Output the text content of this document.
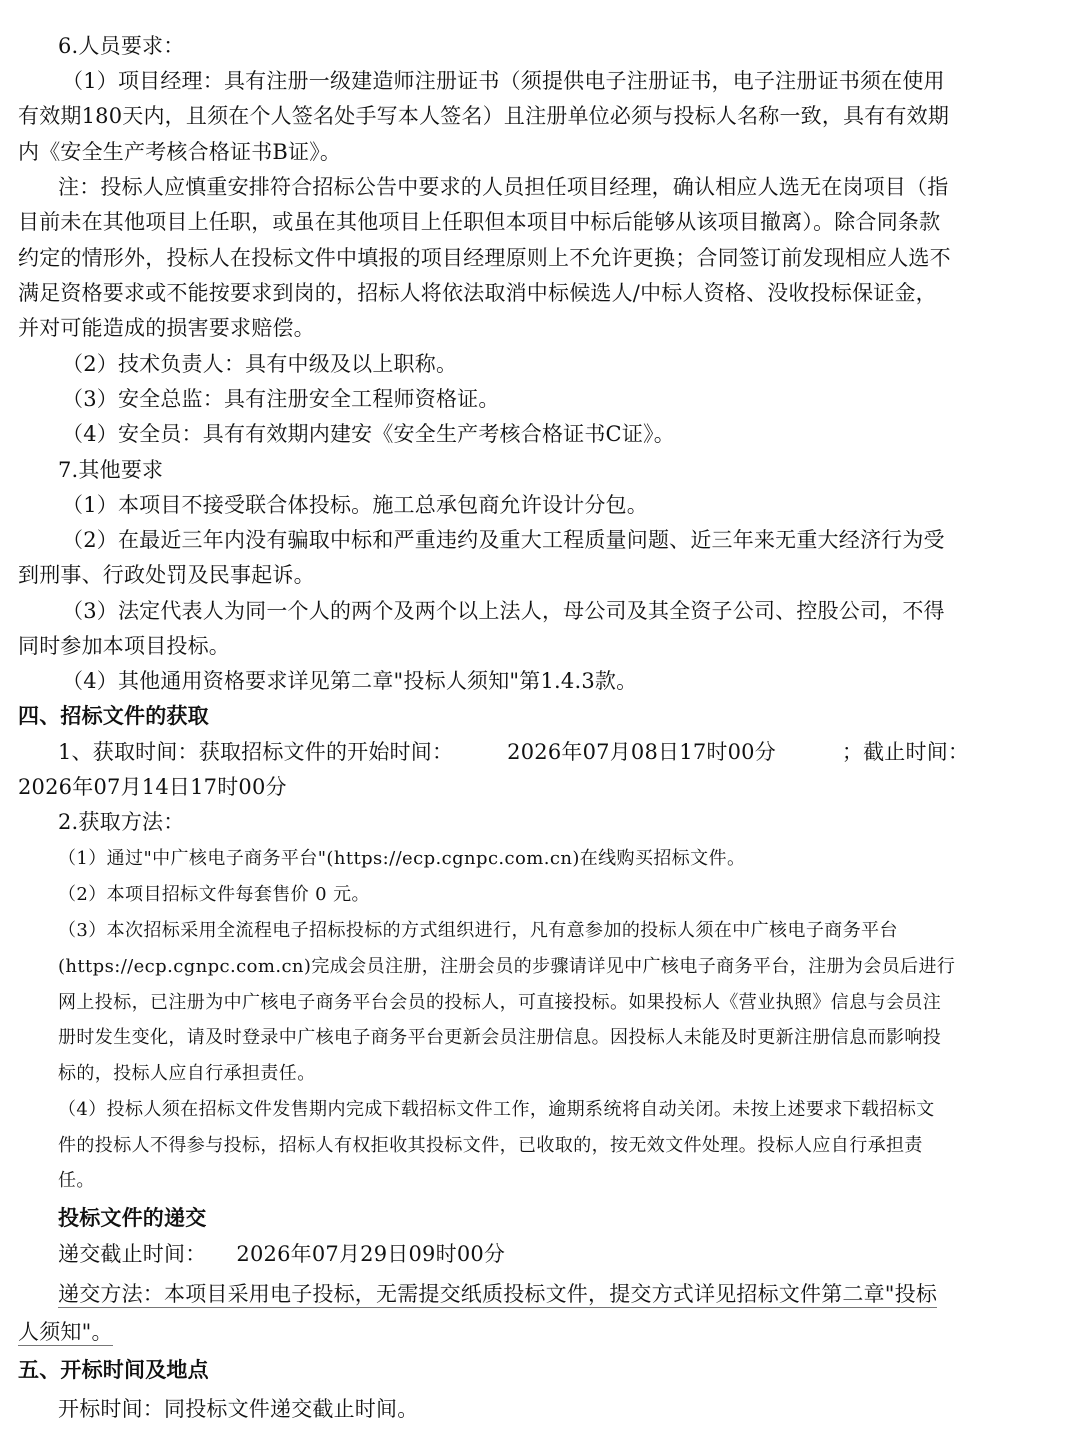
6.人员要求：
（1）项目经理：具有注册一级建造师注册证书（须提供电子注册证书，电子注册证书须在使用
有效期180天内，且须在个人签名处手写本人签名）且注册单位必须与投标人名称一致，具有有效期
内《安全生产考核合格证书B证》。
注：投标人应慎重安排符合招标公告中要求的人员担任项目经理，确认相应人选无在岗项目（指
目前未在其他项目上任职，或虽在其他项目上任职但本项目中标后能够从该项目撤离）。除合同条款
约定的情形外，投标人在投标文件中填报的项目经理原则上不允许更换；合同签订前发现相应人选不
满足资格要求或不能按要求到岗的，招标人将依法取消中标候选人/中标人资格、没收投标保证金，
并对可能造成的损害要求赔偿。
（2）技术负责人：具有中级及以上职称。
（3）安全总监：具有注册安全工程师资格证。
（4）安全员：具有有效期内建安《安全生产考核合格证书C证》。
7.其他要求
（1）本项目不接受联合体投标。施工总承包商允许设计分包。
（2）在最近三年内没有骗取中标和严重违约及重大工程质量问题、近三年来无重大经济行为受
到刑事、行政处罚及民事起诉。
（3）法定代表人为同一个人的两个及两个以上法人，母公司及其全资子公司、控股公司，不得
同时参加本项目投标。
（4）其他通用资格要求详见第二章"投标人须知"第1.4.3款。
四、招标文件的获取
1、获取时间：获取招标文件的开始时间：	2026年07月08日17时00分	；截止时间：
2026年07月14日17时00分
2.获取方法：
（1）通过"中广核电子商务平台"(https://ecp.cgnpc.com.cn)在线购买招标文件。
（2）本项目招标文件每套售价 0 元。
（3）本次招标采用全流程电子招标投标的方式组织进行，凡有意参加的投标人须在中广核电子商务平台
(https://ecp.cgnpc.com.cn)完成会员注册，注册会员的步骤请详见中广核电子商务平台，注册为会员后进行
网上投标，已注册为中广核电子商务平台会员的投标人，可直接投标。如果投标人《营业执照》信息与会员注
册时发生变化，请及时登录中广核电子商务平台更新会员注册信息。因投标人未能及时更新注册信息而影响投
标的，投标人应自行承担责任。
（4）投标人须在招标文件发售期内完成下载招标文件工作，逾期系统将自动关闭。未按上述要求下载招标文
件的投标人不得参与投标，招标人有权拒收其投标文件，已收取的，按无效文件处理。投标人应自行承担责
任。
投标文件的递交
递交截止时间： 2026年07月29日09时00分
递交方法：本项目采用电子投标，无需提交纸质投标文件，提交方式详见招标文件第二章"投标
人须知"。
五、开标时间及地点
开标时间：同投标文件递交截止时间。
